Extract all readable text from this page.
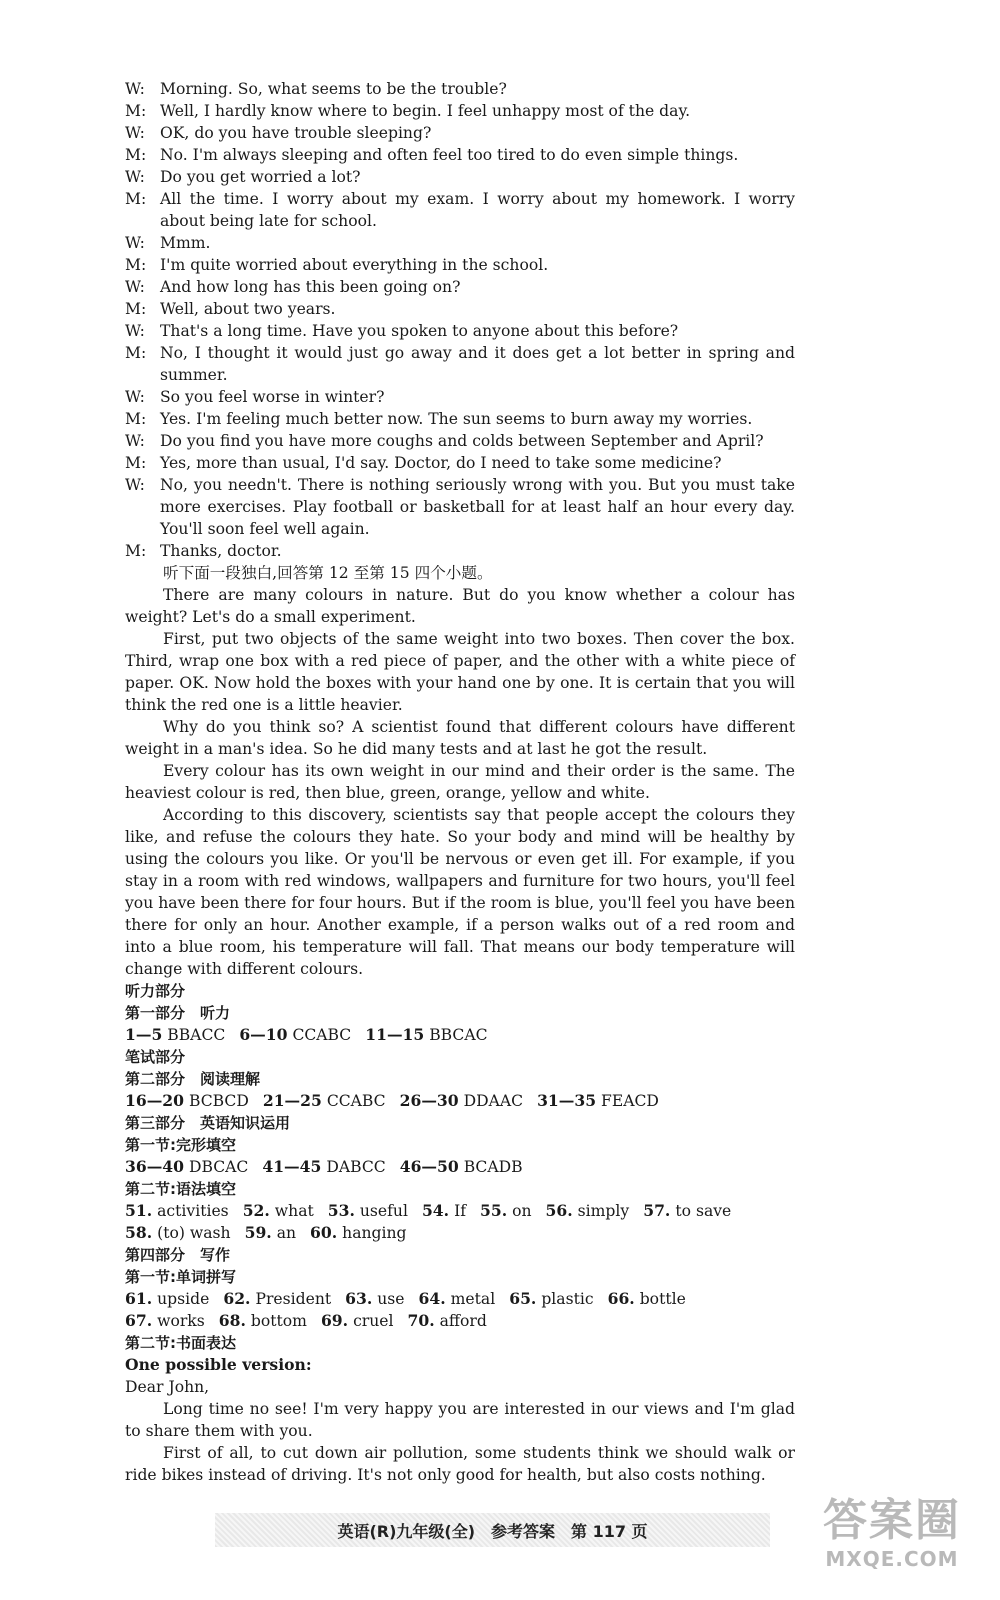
W: Morning. So, what seems to be the trouble?
M: Well, I hardly know where to begin. I feel unhappy most of the day.
W: OK, do you have trouble sleeping?
M: No. I'm always sleeping and often feel too tired to do even simple things.
W: Do you get worried a lot?
M: All the time. I worry about my exam. I worry about my homework. I worry about being late for school.
W: Mmm.
M: I'm quite worried about everything in the school.
W: And how long has this been going on?
M: Well, about two years.
W: That's a long time. Have you spoken to anyone about this before?
M: No, I thought it would just go away and it does get a lot better in spring and summer.
W: So you feel worse in winter?
M: Yes. I'm feeling much better now. The sun seems to burn away my worries.
W: Do you find you have more coughs and colds between September and April?
M: Yes, more than usual, I'd say. Doctor, do I need to take some medicine?
W: No, you needn't. There is nothing seriously wrong with you. But you must take more exercises. Play football or basketball for at least half an hour every day. You'll soon feel well again.
M: Thanks, doctor.
听下面一段独白,回答第 12 至第 15 四个小题。
There are many colours in nature. But do you know whether a colour has weight? Let's do a small experiment.
First, put two objects of the same weight into two boxes. Then cover the box. Third, wrap one box with a red piece of paper, and the other with a white piece of paper. OK. Now hold the boxes with your hand one by one. It is certain that you will think the red one is a little heavier.
Why do you think so? A scientist found that different colours have different weight in a man's idea. So he did many tests and at last he got the result.
Every colour has its own weight in our mind and their order is the same. The heaviest colour is red, then blue, green, orange, yellow and white.
According to this discovery, scientists say that people accept the colours they like, and refuse the colours they hate. So your body and mind will be healthy by using the colours you like. Or you'll be nervous or even get ill. For example, if you stay in a room with red windows, wallpapers and furniture for two hours, you'll feel you have been there for four hours. But if the room is blue, you'll feel you have been there for only an hour. Another example, if a person walks out of a red room and into a blue room, his temperature will fall. That means our body temperature will change with different colours.
听力部分
第一部分　听力
1—5 BBACC 6—10 CCABC 11—15 BBCAC
笔试部分
第二部分　阅读理解
16—20 BCBCD 21—25 CCABC 26—30 DDAAC 31—35 FEACD
第三部分　英语知识运用
第一节:完形填空
36—40 DBCAC 41—45 DABCC 46—50 BCADB
第二节:语法填空
51. activities 52. what 53. useful 54. If 55. on 56. simply 57. to save
58. (to) wash 59. an 60. hanging
第四部分　写作
第一节:单词拼写
61. upside 62. President 63. use 64. metal 65. plastic 66. bottle
67. works 68. bottom 69. cruel 70. afford
第二节:书面表达
One possible version:
Dear John,
Long time no see! I'm very happy you are interested in our views and I'm glad to share them with you.
First of all, to cut down air pollution, some students think we should walk or ride bikes instead of driving. It's not only good for health, but also costs nothing.
英语(R)九年级(全)　参考答案　第 117 页	答案圈
MXQE.COM
